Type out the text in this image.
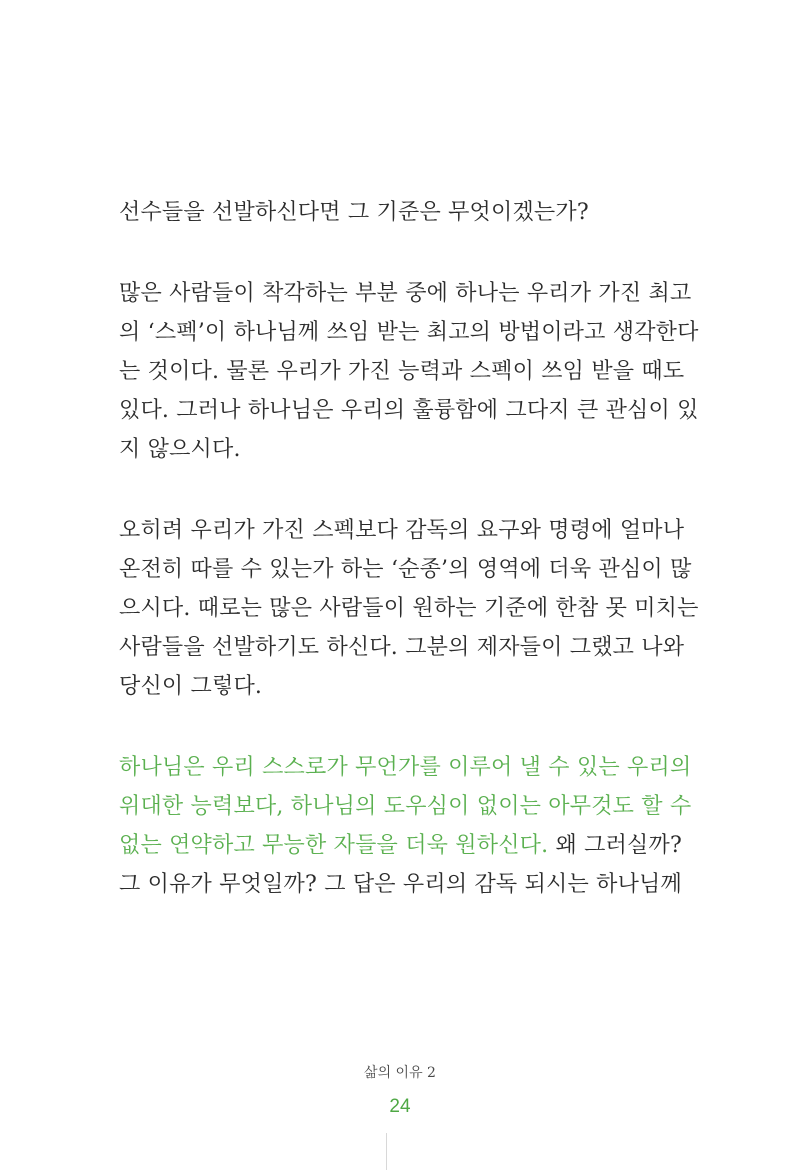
선수들을 선발하신다면 그 기준은 무엇이겠는가?
많은 사람들이 착각하는 부분 중에 하나는 우리가 가진 최고
의 ‘스펙’이 하나님께 쓰임 받는 최고의 방법이라고 생각한다
는 것이다. 물론 우리가 가진 능력과 스펙이 쓰임 받을 때도
있다. 그러나 하나님은 우리의 훌륭함에 그다지 큰 관심이 있
지 않으시다.
오히려 우리가 가진 스펙보다 감독의 요구와 명령에 얼마나
온전히 따를 수 있는가 하는 ‘순종’의 영역에 더욱 관심이 많
으시다. 때로는 많은 사람들이 원하는 기준에 한참 못 미치는
사람들을 선발하기도 하신다. 그분의 제자들이 그랬고 나와
당신이 그렇다.
하나님은 우리 스스로가 무언가를 이루어 낼 수 있는 우리의
위대한 능력보다, 하나님의 도우심이 없이는 아무것도 할 수
없는 연약하고 무능한 자들을 더욱 원하신다. 왜 그러실까?
그 이유가 무엇일까? 그 답은 우리의 감독 되시는 하나님께
삶의 이유 2
24
